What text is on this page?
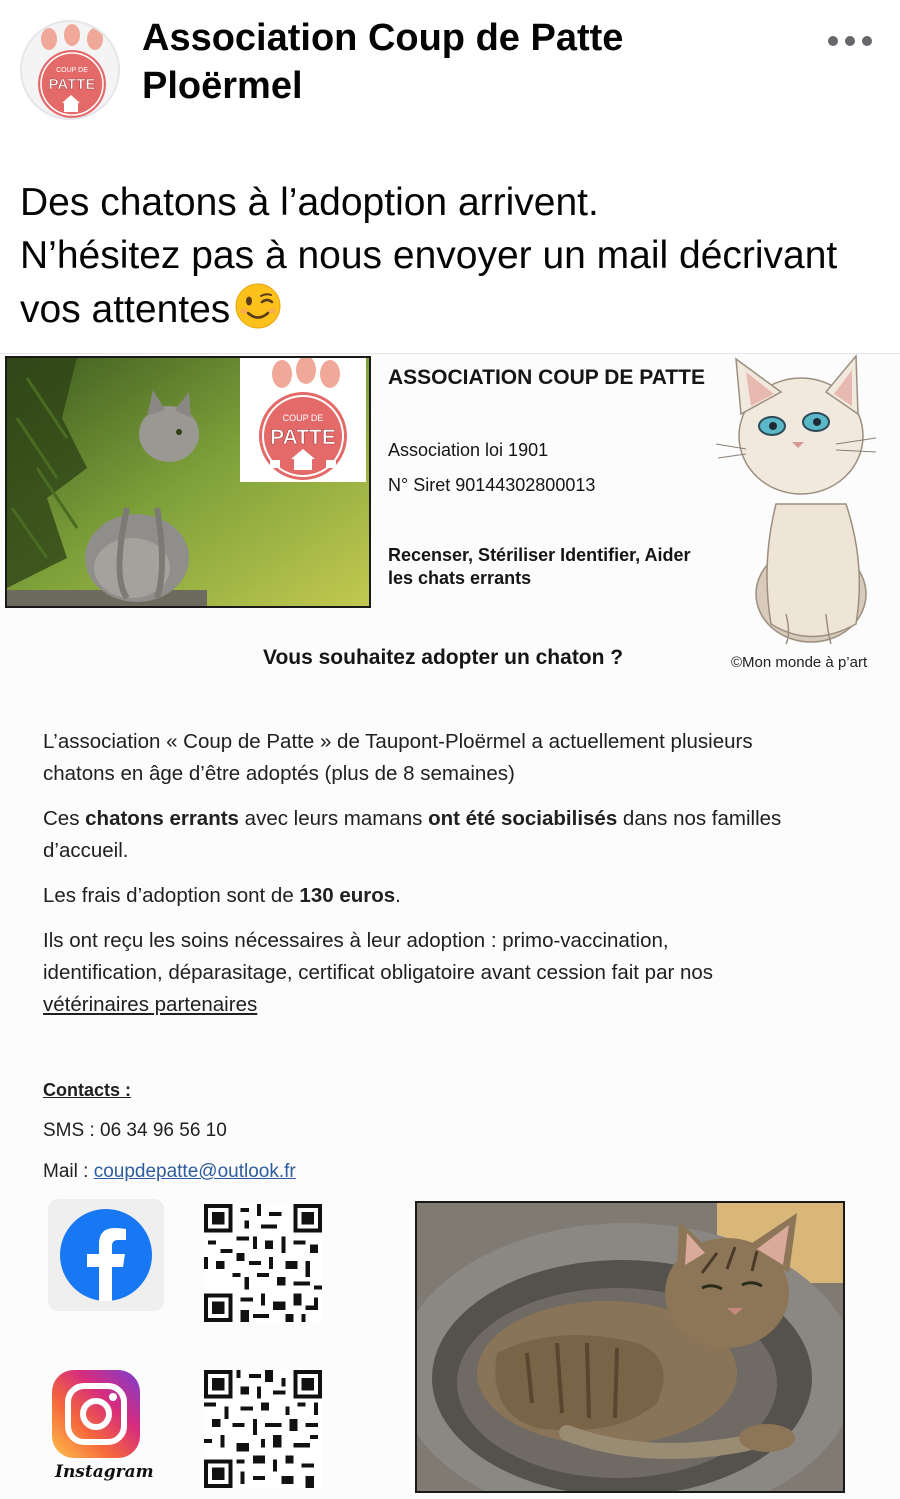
COUP DE
PATTE
Association Coup de Patte
Ploërmel
Des chatons à l’adoption arrivent.
N’hésitez pas à nous envoyer un mail décrivant
vos attentes
COUP DE
PATTE
ASSOCIATION COUP DE PATTE
Association loi 1901
N° Siret 90144302800013
Recenser, Stériliser Identifier, Aider
les chats errants
©Mon monde à p’art
Vous souhaitez adopter un chaton ?

L’association « Coup de Patte » de Taupont-Ploërmel a actuellement plusieurs
chatons en âge d’être adoptés (plus de 8 semaines)

Ces chatons errants avec leurs mamans ont été sociabilisés dans nos familles
d’accueil.

Les frais d’adoption sont de 130 euros.

Ils ont reçu les soins nécessaires à leur adoption : primo-vaccination,
identification, déparasitage, certificat obligatoire avant cession fait par nos
vétérinaires partenaires

Contacts :
SMS : 06 34 96 56 10
Mail : coupdepatte@outlook.fr
Instagram
